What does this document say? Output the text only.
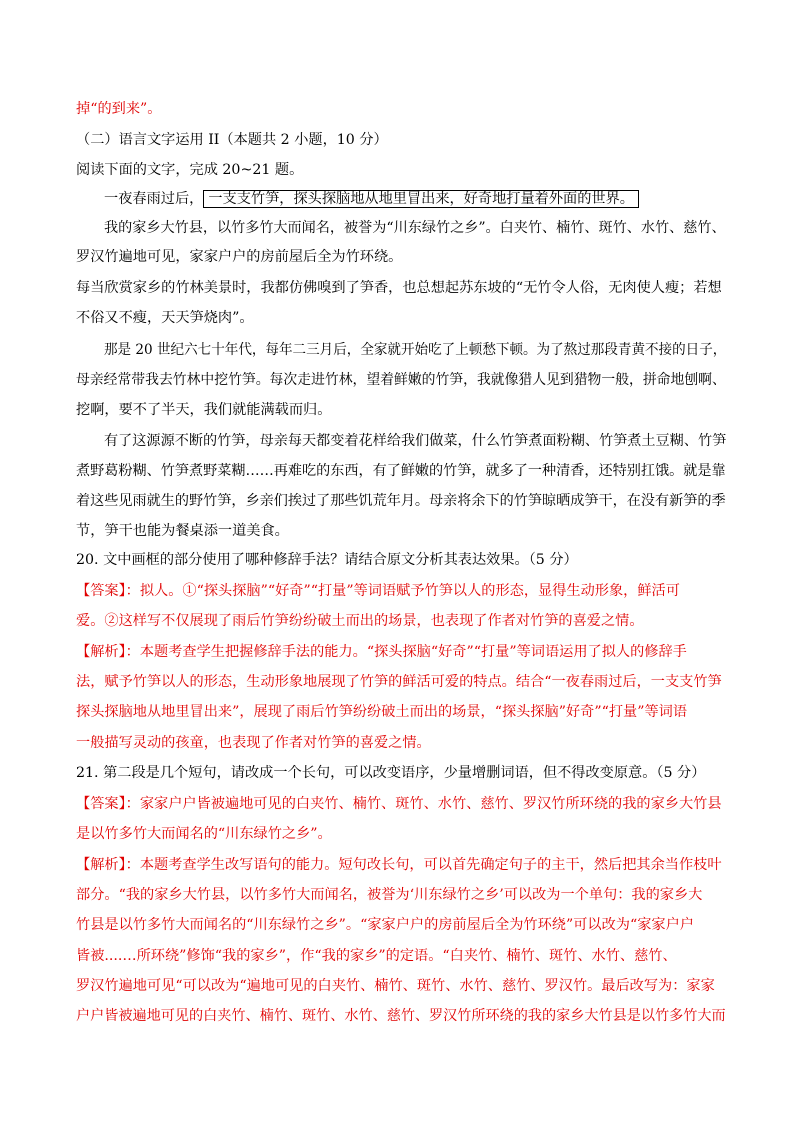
掉“的到来”。
（二）语言文字运用 II（本题共 2 小题，10 分）
阅读下面的文字，完成 20~21 题。
一夜春雨过后， 一支支竹笋，探头探脑地从地里冒出来，好奇地打量着外面的世界。
我的家乡大竹县，以竹多竹大而闻名，被誉为“川东绿竹之乡”。白夹竹、楠竹、斑竹、水竹、慈竹、
罗汉竹遍地可见，家家户户的房前屋后全为竹环绕。
每当欣赏家乡的竹林美景时，我都仿佛嗅到了笋香，也总想起苏东坡的“无竹令人俗，无肉使人瘦；若想
不俗又不瘦，天天笋烧肉”。
那是 20 世纪六七十年代，每年二三月后，全家就开始吃了上顿愁下顿。为了熬过那段青黄不接的日子，
母亲经常带我去竹林中挖竹笋。每次走进竹林，望着鲜嫩的竹笋，我就像猎人见到猎物一般，拼命地刨啊、
挖啊，要不了半天，我们就能满载而归。
有了这源源不断的竹笋，母亲每天都变着花样给我们做菜，什么竹笋煮面粉糊、竹笋煮土豆糊、竹笋
煮野葛粉糊、竹笋煮野菜糊……再难吃的东西，有了鲜嫩的竹笋，就多了一种清香，还特别扛饿。就是靠
着这些见雨就生的野竹笋，乡亲们挨过了那些饥荒年月。母亲将余下的竹笋晾晒成笋干，在没有新笋的季
节，笋干也能为餐桌添一道美食。
20. 文中画框的部分使用了哪种修辞手法？请结合原文分析其表达效果。（5 分）
【答案】：拟人。①“探头探脑”“好奇”“打量”等词语赋予竹笋以人的形态，显得生动形象，鲜活可
爱。②这样写不仅展现了雨后竹笋纷纷破土而出的场景，也表现了作者对竹笋的喜爱之情。
【解析】：本题考查学生把握修辞手法的能力。“探头探脑“好奇”“打量”等词语运用了拟人的修辞手
法，赋予竹笋以人的形态，生动形象地展现了竹笋的鲜活可爱的特点。结合“一夜春雨过后，一支支竹笋
探头探脑地从地里冒出来”，展现了雨后竹笋纷纷破土而出的场景，“探头探脑”好奇”“打量”等词语
一般描写灵动的孩童，也表现了作者对竹笋的喜爱之情。
21. 第二段是几个短句，请改成一个长句，可以改变语序，少量增删词语，但不得改变原意。（5 分）
【答案】：家家户户皆被遍地可见的白夹竹、楠竹、斑竹、水竹、慈竹、罗汉竹所环绕的我的家乡大竹县
是以竹多竹大而闻名的“川东绿竹之乡”。
【解析】：本题考查学生改写语句的能力。短句改长句，可以首先确定句子的主干，然后把其余当作枝叶
部分。“我的家乡大竹县，以竹多竹大而闻名，被誉为‘川东绿竹之乡’可以改为一个单句：我的家乡大
竹县是以竹多竹大而闻名的“川东绿竹之乡”。“家家户户的房前屋后全为竹环绕”可以改为“家家户户
皆被....…所环绕”修饰“我的家乡”，作“我的家乡”的定语。“白夹竹、楠竹、斑竹、水竹、慈竹、
罗汉竹遍地可见“可以改为“遍地可见的白夹竹、楠竹、斑竹、水竹、慈竹、罗汉竹。最后改写为：家家
户户皆被遍地可见的白夹竹、楠竹、斑竹、水竹、慈竹、罗汉竹所环绕的我的家乡大竹县是以竹多竹大而
